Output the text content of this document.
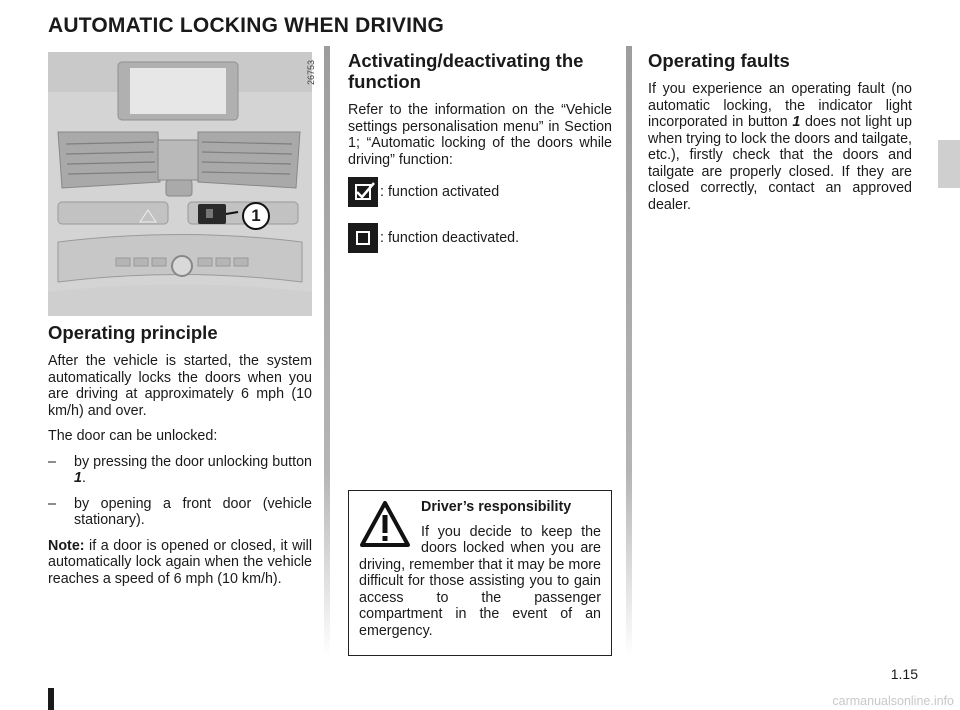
AUTOMATIC LOCKING WHEN DRIVING
26753
1
Operating principle

After the vehicle is started, the system automatically locks the doors when you are driving at approximately 6 mph (10 km/h) and over.

The door can be unlocked:

–	by pressing the door unlocking button 1.
–	by opening a front door (vehicle stationary).

Note: if a door is opened or closed, it will automatically lock again when the vehicle reaches a speed of 6 mph (10 km/h).

Activating/deactivating the function

Refer to the information on the “Vehicle settings personalisation menu” in Section 1; “Automatic locking of the doors while driving” function:

: function activated
: function deactivated.

Driver’s responsibility

If you decide to keep the doors locked when you are driving, remember that it may be more difficult for those assisting you to gain access to the passenger compartment in the event of an emergency.

Operating faults

If you experience an operating fault (no automatic locking, the indicator light incorporated in button 1 does not light up when trying to lock the doors and tailgate, etc.), firstly check that the doors and tailgate are properly closed. If they are closed correctly, contact an approved dealer.

1.15
carmanualsonline.info
